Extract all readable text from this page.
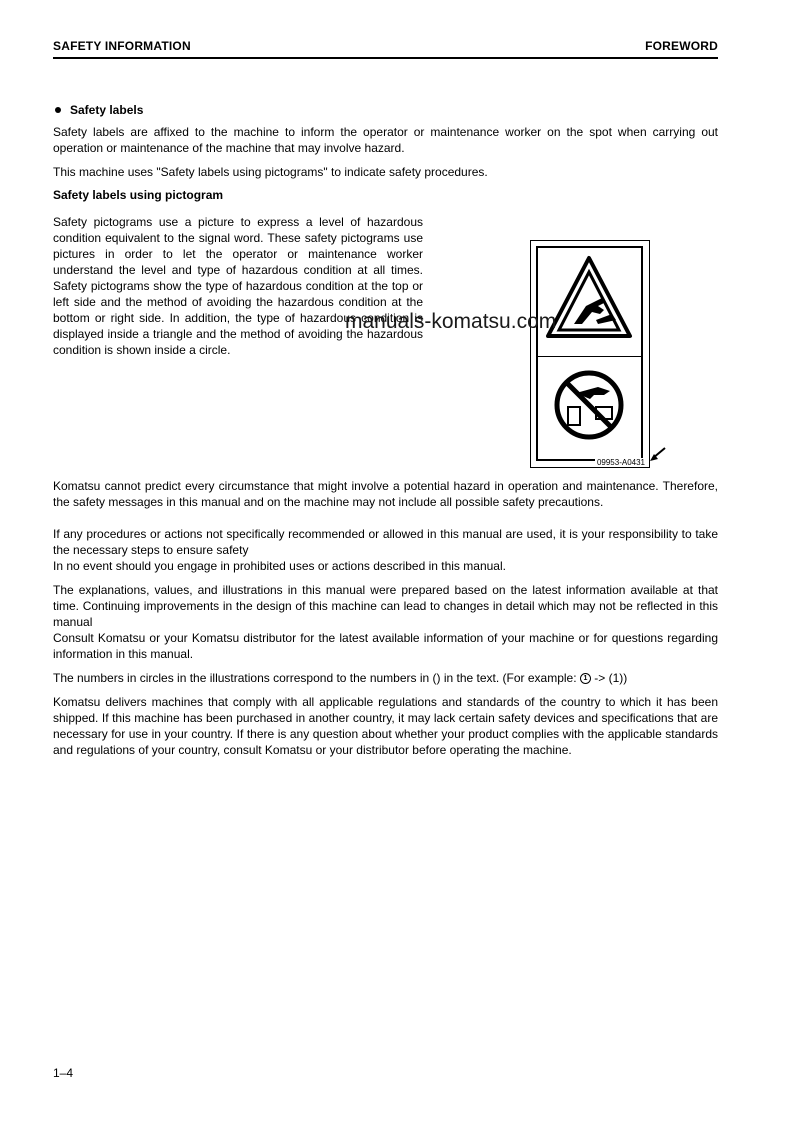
SAFETY INFORMATION	FOREWORD
Safety labels
Safety labels are affixed to the machine to inform the operator or maintenance worker on the spot when carrying out operation or maintenance of the machine that may involve hazard.
This machine uses "Safety labels using pictograms" to indicate safety procedures.
Safety labels using pictogram
Safety pictograms use a picture to express a level of hazardous condition equivalent to the signal word. These safety pictograms use pictures in order to let the operator or maintenance worker understand the level and type of hazardous condition at all times. Safety pictograms show the type of hazardous condition at the top or left side and the method of avoiding the hazardous condition at the bottom or right side. In addition, the type of hazardous condition is displayed inside a triangle and the method of avoiding the hazardous condition is shown inside a circle.
09953-A0431
manuals-komatsu.com
Komatsu cannot predict every circumstance that might involve a potential hazard in operation and maintenance. Therefore, the safety messages in this manual and on the machine may not include all possible safety precautions.
If any procedures or actions not specifically recommended or allowed in this manual are used, it is your responsibility to take the necessary steps to ensure safety
In no event should you engage in prohibited uses or actions described in this manual.
The explanations, values, and illustrations in this manual were prepared based on the latest information available at that time. Continuing improvements in the design of this machine can lead to changes in detail which may not be reflected in this manual
Consult Komatsu or your Komatsu distributor for the latest available information of your machine or for questions regarding information in this manual.
The numbers in circles in the illustrations correspond to the numbers in () in the text. (For example: 1 -> (1))
Komatsu delivers machines that comply with all applicable regulations and standards of the country to which it has been shipped. If this machine has been purchased in another country, it may lack certain safety devices and specifications that are necessary for use in your country. If there is any question about whether your product complies with the applicable standards and regulations of your country, consult Komatsu or your distributor before operating the machine.
1–4
